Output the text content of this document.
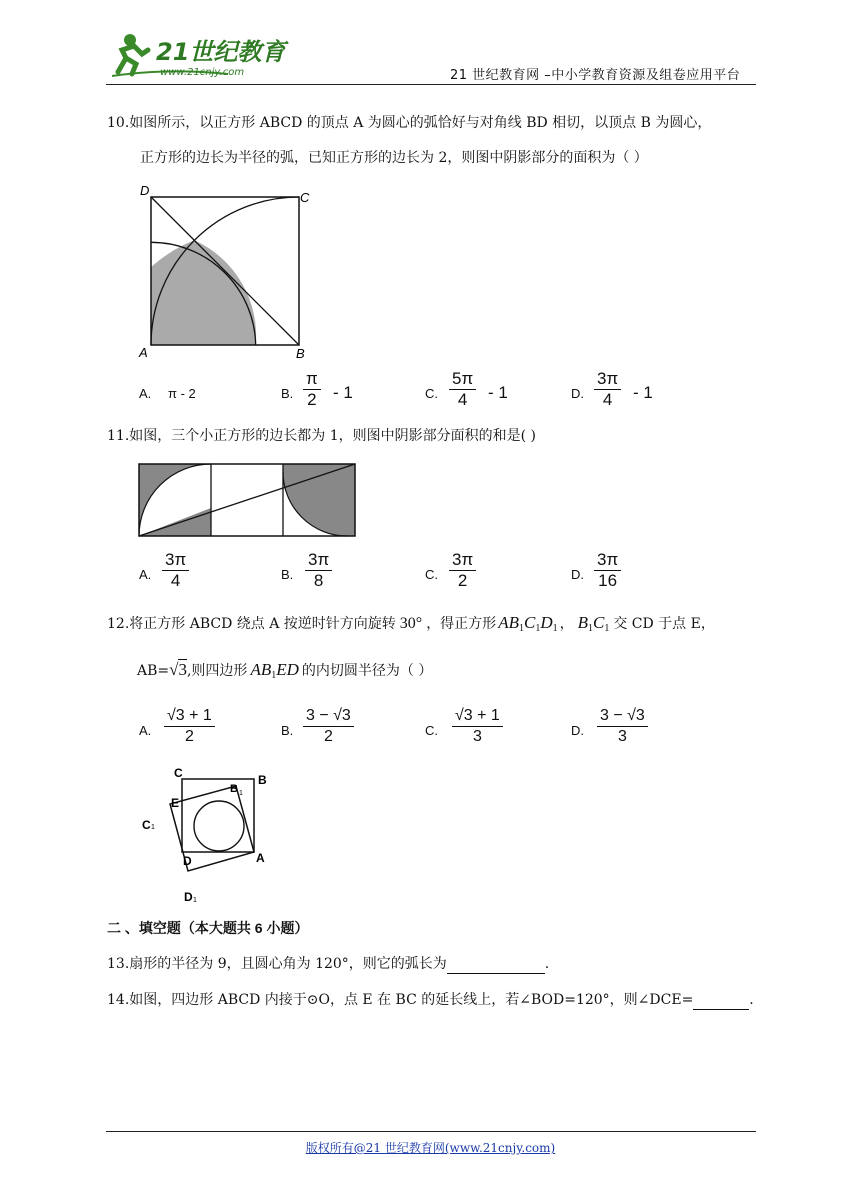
21世纪教育
www.21cnjy.com	21 世纪教育网 –中小学教育资源及组卷应用平台
10.如图所示，以正方形 ABCD 的顶点 A 为圆心的弧恰好与对角线 BD 相切，以顶点 B 为圆心，
正方形的边长为半径的弧，已知正方形的边长为 2，则图中阴影部分的面积为（ ）
D	C
A	B
A. π - 2	B. $\frac{\pi}{2} - 1$	C. $\frac{5\pi}{4} - 1$	D. $\frac{3\pi}{4} - 1$
11.如图，三个小正方形的边长都为 1，则图中阴影部分面积的和是( )
A. $\frac{3\pi}{4}$	B. $\frac{3\pi}{8}$	C. $\frac{3\pi}{2}$	D. $\frac{3\pi}{16}$
12.将正方形 ABCD 绕点 A 按逆时针方向旋转 30° ，得正方形 $AB_1C_1D_1$ ， $B_1C_1$ 交 CD 于点 E，
AB= √3 ,则四边形 $AB_1ED$ 的内切圆半径为（ ）
A. $\frac{√3 + 1}{2}$	B. $\frac{3 - √3}{2}$	C. $\frac{√3 + 1}{3}$	D. $\frac{3 - √3}{3}$
C	B
B 1
E
C 1
D	A
D 1
二 、填空题（本大题共 6 小题）
13.扇形的半径为 9，且圆心角为 120°，则它的弧长为	.
14.如图，四边形 ABCD 内接于⊙O，点 E 在 BC 的延长线上，若∠BOD=120°，则∠DCE=	.
版权所有@21 世纪教育网(www.21cnjy.com)
